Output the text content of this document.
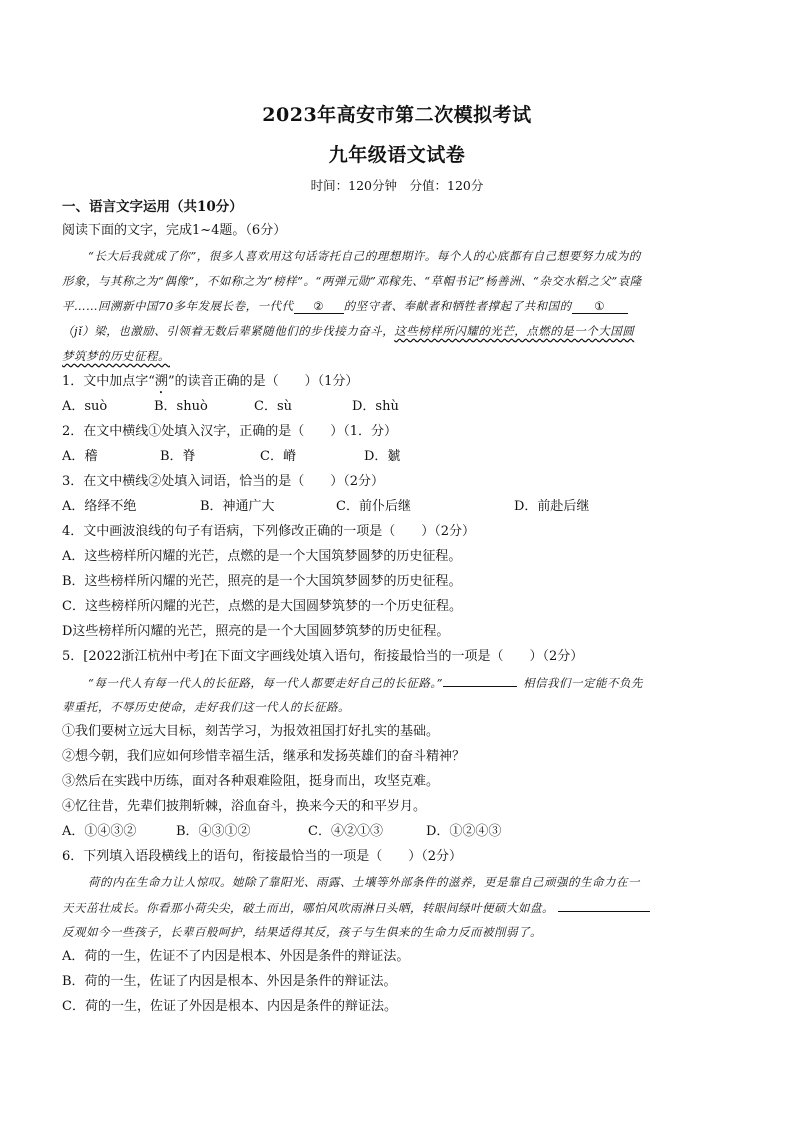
2023年高安市第二次模拟考试
九年级语文试卷
时间：120分钟　分值：120分
一、语言文字运用（共10分）
阅读下面的文字，完成1~4题。（6分）
“长大后我就成了你”，很多人喜欢用这句话寄托自己的理想期许。每个人的心底都有自己想要努力成为的
形象，与其称之为“偶像”，不如称之为“榜样”。“两弹元勋”邓稼先、“草帽书记”杨善洲、“杂交水稻之父”袁隆
平……回溯新中国70多年发展长卷，一代代 ② 的坚守者、奉献者和牺牲者撑起了共和国的 ①
（jǐ）梁，也激励、引领着无数后辈紧随他们的步伐接力奋斗，这些榜样所闪耀的光芒，点燃的是一个大国圆
梦筑梦的历史征程。
1．文中加点字“溯”的读音正确的是（　　）（1分）
A．suò	B．shuò	C．sù	D．shù
2．在文中横线①处填入汉字，正确的是（　　）（1．分）
A．稽	B．脊	C．嵴	D．虦
3．在文中横线②处填入词语，恰当的是（　　）（2分）
A．络绎不绝	B．神通广大	C．前仆后继	D．前赴后继
4．文中画波浪线的句子有语病，下列修改正确的一项是（　　）（2分）
A．这些榜样所闪耀的光芒，点燃的是一个大国筑梦圆梦的历史征程。
B．这些榜样所闪耀的光芒，照亮的是一个大国筑梦圆梦的历史征程。
C．这些榜样所闪耀的光芒，点燃的是大国圆梦筑梦的一个历史征程。
D这些榜样所闪耀的光芒，照亮的是一个大国圆梦筑梦的历史征程。
5．[2022浙江杭州中考]在下面文字画线处填入语句，衔接最恰当的一项是（　　）（2分）
“每一代人有每一代人的长征路，每一代人都要走好自己的长征路。”	相信我们一定能不负先
辈重托，不辱历史使命，走好我们这一代人的长征路。
①我们要树立远大目标，刻苦学习，为报效祖国打好扎实的基础。
②想今朝，我们应如何珍惜幸福生活，继承和发扬英雄们的奋斗精神？
③然后在实践中历练，面对各种艰难险阻，挺身而出，攻坚克难。
④忆往昔，先辈们披荆斩棘，浴血奋斗，换来今天的和平岁月。
A．①④③②	B．④③①②	C．④②①③	D．①②④③
6．下列填入语段横线上的语句，衔接最恰当的一项是（　　）（2分）
荷的内在生命力让人惊叹。她除了靠阳光、雨露、土壤等外部条件的滋养，更是靠自己顽强的生命力在一
天天茁壮成长。你看那小荷尖尖，破土而出，哪怕风吹雨淋日头晒，转眼间绿叶便硕大如盘。
反观如今一些孩子，长辈百般呵护，结果适得其反，孩子与生俱来的生命力反而被削弱了。
A．荷的一生，佐证不了内因是根本、外因是条件的辩证法。
B．荷的一生，佐证了内因是根本、外因是条件的辩证法。
C．荷的一生，佐证了外因是根本、内因是条件的辩证法。
